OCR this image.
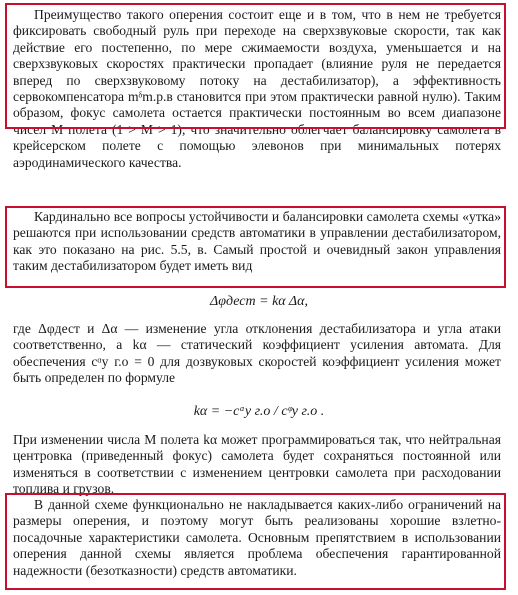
Преимущество такого оперения состоит еще и в том, что в нем не требуется фиксировать свободный руль при переходе на сверхзвуковые скорости, так как действие его постепенно, по мере сжимаемости воздуха, уменьшается и на сверхзвуковых скоростях практически пропадает (влияние руля не передается вперед по сверхзвуковому потоку на дестабилизатор), а эффективность сервокомпенсатора mᵟm.p.в становится при этом практически равной нулю). Таким образом, фокус самолета остается практически постоянным во всем диапазоне чисел М полета (1 > M > 1), что значительно облегчает балансировку самолета в крейсерском полете с помощью элевонов при минимальных потерях аэродинамического качества.

Кардинально все вопросы устойчивости и балансировки самолета схемы «утка» решаются при использовании средств автоматики в управлении дестабилизатором, как это показано на рис. 5.5, в. Самый простой и очевидный закон управления таким дестабилизатором будет иметь вид

Δφдест = kα Δα,

где Δφдест и Δα — изменение угла отклонения дестабилизатора и угла атаки соответственно, а kα — статический коэффициент усиления автомата. Для обеспечения cᵅy г.о = 0 для дозвуковых скоростей коэффициент усиления может быть определен по формуле

kα = −cᵅy г.о / cᵠy г.о .

При изменении числа М полета kα может программироваться так, что нейтральная центровка (приведенный фокус) самолета будет сохраняться постоянной или изменяться в соответствии с изменением центровки самолета при расходовании топлива и грузов.

В данной схеме функционально не накладывается каких-либо ограничений на размеры оперения, и поэтому могут быть реализованы хорошие взлетно-посадочные характеристики самолета. Основным препятствием в использовании оперения данной схемы является проблема обеспечения гарантированной надежности (безотказности) средств автоматики.
